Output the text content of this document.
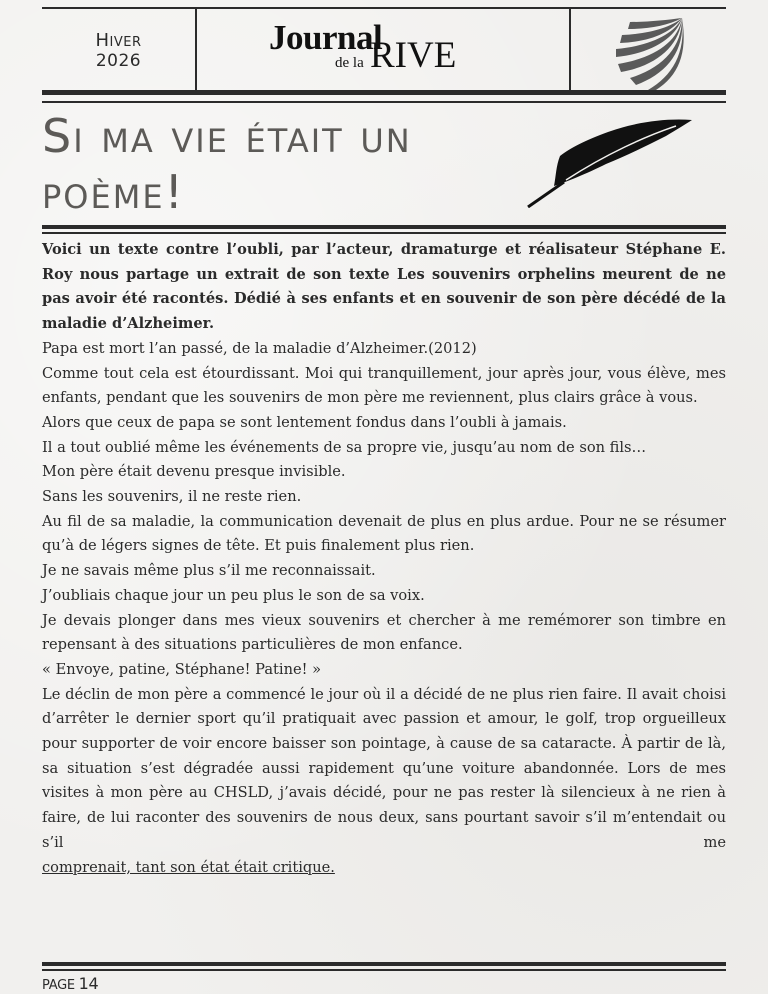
Hiver
2026
Journal
de la RIVE
Si ma vie était un
poème!

Voici un texte contre l’oubli, par l’acteur, dramaturge et réalisateur Stéphane E. Roy nous partage un extrait de son texte Les souvenirs orphelins meurent de ne pas avoir été racontés. Dédié à ses enfants et en souvenir de son père décédé de la maladie d’Alzheimer.

Papa est mort l’an passé, de la maladie d’Alzheimer.(2012)

Comme tout cela est étourdissant. Moi qui tranquillement, jour après jour, vous élève, mes enfants, pendant que les souvenirs de mon père me reviennent, plus clairs grâce à vous.

Alors que ceux de papa se sont lentement fondus dans l’oubli à jamais.

Il a tout oublié même les événements de sa propre vie, jusqu’au nom de son fils…

Mon père était devenu presque invisible.

Sans les souvenirs, il ne reste rien.

Au fil de sa maladie, la communication devenait de plus en plus ardue. Pour ne se résumer qu’à de légers signes de tête. Et puis finalement plus rien.

Je ne savais même plus s’il me reconnaissait.

J’oubliais chaque jour un peu plus le son de sa voix.

Je devais plonger dans mes vieux souvenirs et chercher à me remémorer son timbre en repensant à des situations particulières de mon enfance.

« Envoye, patine, Stéphane! Patine! »

Le déclin de mon père a commencé le jour où il a décidé de ne plus rien faire. Il avait choisi d’arrêter le dernier sport qu’il pratiquait avec passion et amour, le golf, trop orgueilleux pour supporter de voir encore baisser son pointage, à cause de sa cataracte. À partir de là, sa situation s’est dégradée aussi rapidement qu’une voiture abandonnée. Lors de mes visites à mon père au CHSLD, j’avais décidé, pour ne pas rester là silencieux à ne rien à faire, de lui raconter des souvenirs de nous deux, sans pourtant savoir s’il m’entendait ou s’il me

comprenait, tant son état était critique.

PAGE 14
